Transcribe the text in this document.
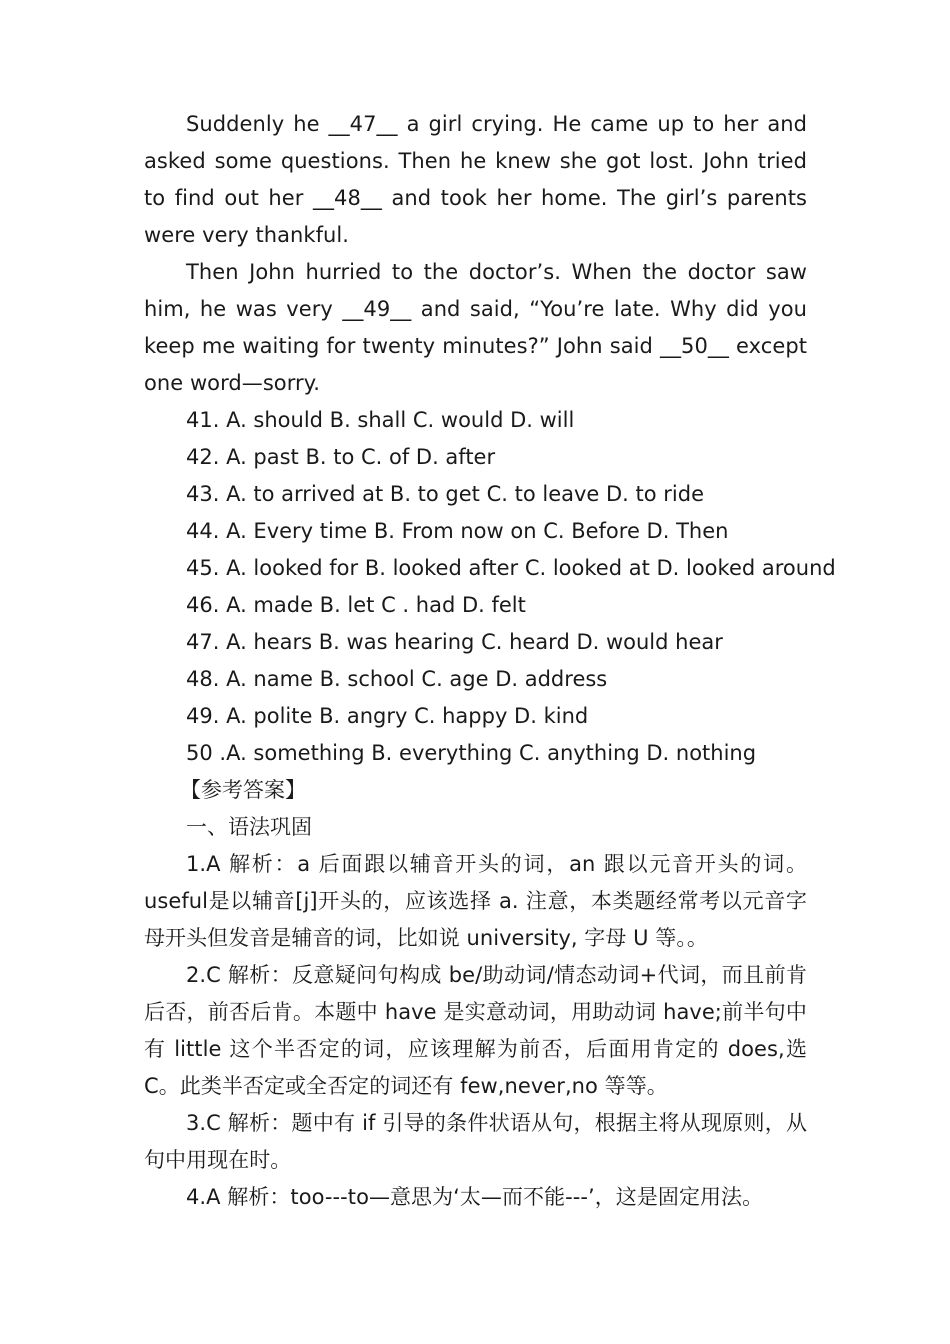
Suddenly he __47__ a girl crying. He came up to her and asked some questions. Then he knew she got lost. John tried to find out her __48__ and took her home. The girl’s parents were very thankful.

Then John hurried to the doctor’s. When the doctor saw him, he was very __49__ and said, “You’re late. Why did you keep me waiting for twenty minutes?” John said __50__ except one word—sorry.

41. A. should B. shall C. would D. will

42. A. past B. to C. of D. after

43. A. to arrived at B. to get C. to leave D. to ride

44. A. Every time B. From now on C. Before D. Then

45. A. looked for B. looked after C. looked at D. looked around

46. A. made B. let C . had D. felt

47. A. hears B. was hearing C. heard D. would hear

48. A. name B. school C. age D. address

49. A. polite B. angry C. happy D. kind

50 .A. something B. everything C. anything D. nothing

【参考答案】

一、语法巩固

1.A 解析：a 后面跟以辅音开头的词，an 跟以元音开头的词。useful是以辅音[j]开头的，应该选择 a. 注意，本类题经常考以元音字母开头但发音是辅音的词，比如说 university, 字母 U 等。。

2.C 解析：反意疑问句构成 be/助动词/情态动词+代词，而且前肯后否，前否后肯。本题中 have 是实意动词，用助动词 have;前半句中有 little 这个半否定的词，应该理解为前否，后面用肯定的 does,选 C。此类半否定或全否定的词还有 few,never,no 等等。

3.C 解析：题中有 if 引导的条件状语从句，根据主将从现原则，从句中用现在时。

4.A 解析：too---to—意思为‘太—而不能---’，这是固定用法。
